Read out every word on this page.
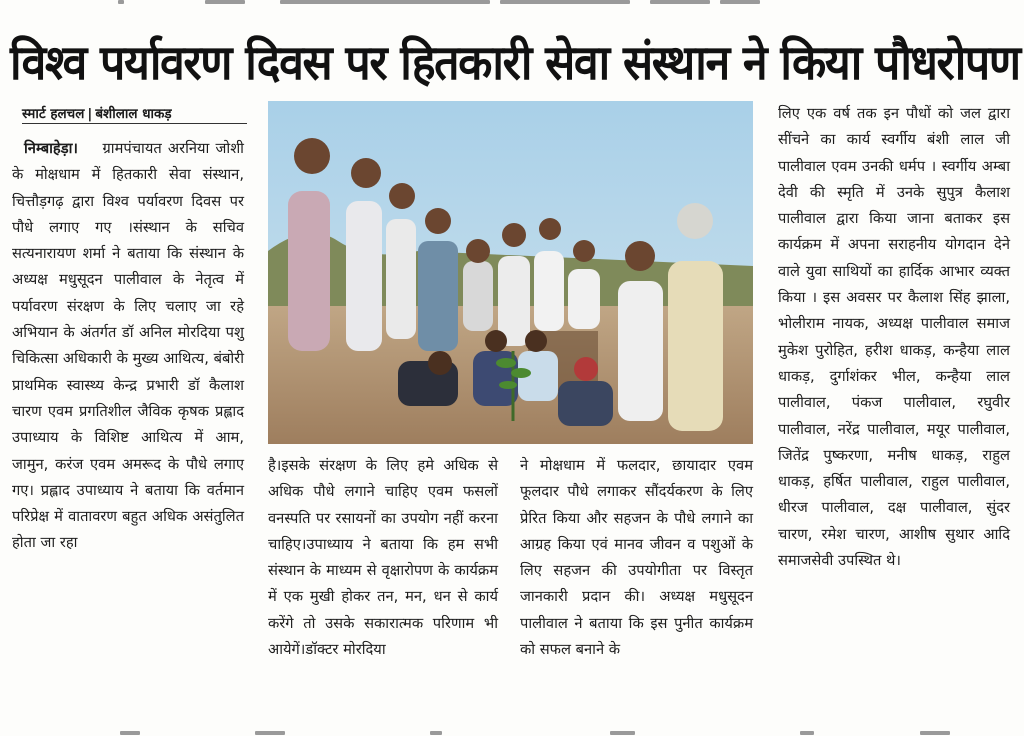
विश्व पर्यावरण दिवस पर हितकारी सेवा संस्थान ने किया पौधरोपण
स्मार्ट हलचल | बंशीलाल धाकड़

निम्बाहेड़ा। ग्रामपंचायत अरनिया जोशी के मोक्षधाम में हितकारी सेवा संस्थान, चित्तौड़गढ़ द्वारा विश्व पर्यावरण दिवस पर पौधे लगाए गए ।संस्थान के सचिव सत्यनारायण शर्मा ने बताया कि संस्थान के अध्यक्ष मधुसूदन पालीवाल के नेतृत्व में पर्यावरण संरक्षण के लिए चलाए जा रहे अभियान के अंतर्गत डॉ अनिल मोरदिया पशु चिकित्सा अधिकारी के मुख्य आथित्य, बंबोरी प्राथमिक स्वास्थ्य केन्द्र प्रभारी डॉ कैलाश चारण एवम प्रगतिशील जैविक कृषक प्रह्लाद उपाध्याय के विशिष्ट आथित्य में आम, जामुन, करंज एवम अमरूद के पौधे लगाए गए। प्रह्लाद उपाध्याय ने बताया कि वर्तमान परिप्रेक्ष में वातावरण बहुत अधिक असंतुलित होता जा रहा

है।इसके संरक्षण के लिए हमे अधिक से अधिक पौधे लगाने चाहिए एवम फसलों वनस्पति पर रसायनों का उपयोग नहीं करना चाहिए।उपाध्याय ने बताया कि हम सभी संस्थान के माध्यम से वृक्षारोपण के कार्यक्रम में एक मुखी होकर तन, मन, धन से कार्य करेंगे तो उसके सकारात्मक परिणाम भी आयेगें।डॉक्टर मोरदिया

ने मोक्षधाम में फलदार, छायादार एवम फूलदार पौधे लगाकर सौंदर्यकरण के लिए प्रेरित किया और सहजन के पौधे लगाने का आग्रह किया एवं मानव जीवन व पशुओं के लिए सहजन की उपयोगीता पर विस्तृत जानकारी प्रदान की। अध्यक्ष मधुसूदन पालीवाल ने बताया कि इस पुनीत कार्यक्रम को सफल बनाने के

लिए एक वर्ष तक इन पौधों को जल द्वारा सींचने का कार्य स्वर्गीय बंशी लाल जी पालीवाल एवम उनकी धर्मप । स्वर्गीय अम्बा देवी की स्मृति में उनके सुपुत्र कैलाश पालीवाल द्वारा किया जाना बताकर इस कार्यक्रम में अपना सराहनीय योगदान देने वाले युवा साथियों का हार्दिक आभार व्यक्त किया । इस अवसर पर कैलाश सिंह झाला, भोलीराम नायक, अध्यक्ष पालीवाल समाज मुकेश पुरोहित, हरीश धाकड़, कन्हैया लाल धाकड़, दुर्गाशंकर भील, कन्हैया लाल पालीवाल, पंकज पालीवाल, रघुवीर पालीवाल, नरेंद्र पालीवाल, मयूर पालीवाल, जितेंद्र पुष्करणा, मनीष धाकड़, राहुल धाकड़, हर्षित पालीवाल, राहुल पालीवाल, धीरज पालीवाल, दक्ष पालीवाल, सुंदर चारण, रमेश चारण, आशीष सुथार आदि समाजसेवी उपस्थित थे।
